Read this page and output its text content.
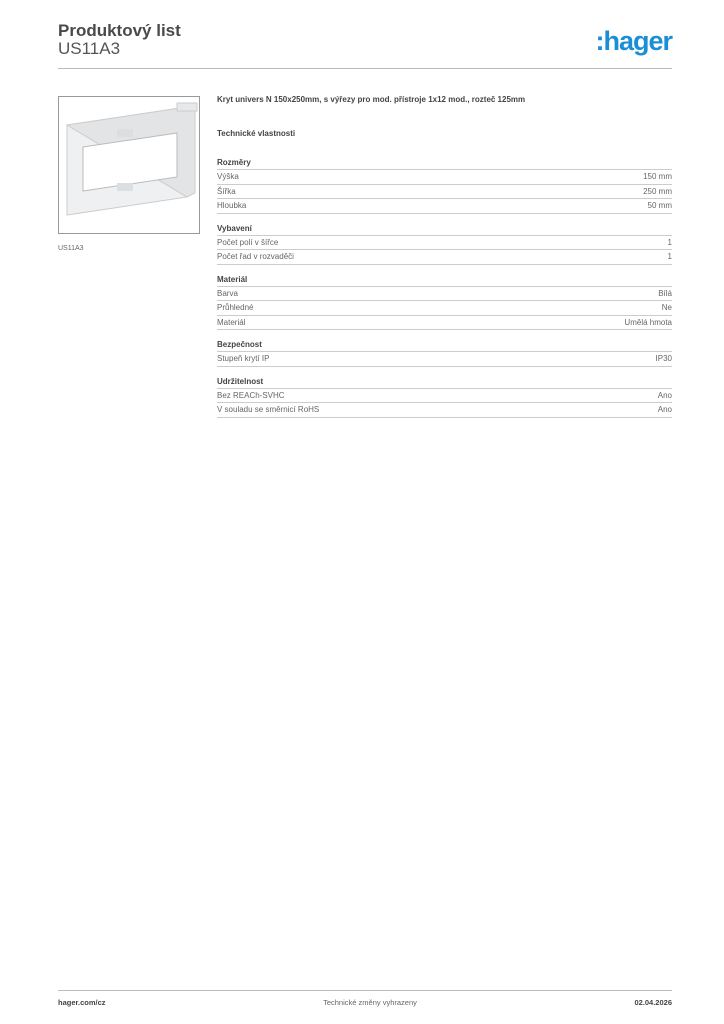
Produktový list
US11A3	:hager
US11A3
Kryt univers N 150x250mm, s výřezy pro mod. přístroje 1x12 mod., rozteč 125mm
Technické vlastnosti
Rozměry
Výška	150 mm
Šířka	250 mm
Hloubka	50 mm
Vybavení
Počet polí v šířce	1
Počet řad v rozvaděči	1
Materiál
Barva	Bílá
Průhledné	Ne
Materiál	Umělá hmota
Bezpečnost
Stupeň krytí IP	IP30
Udržitelnost
Bez REACh-SVHC	Ano
V souladu se směrnicí RoHS	Ano
hager.com/cz	Technické změny vyhrazeny	02.04.2026
